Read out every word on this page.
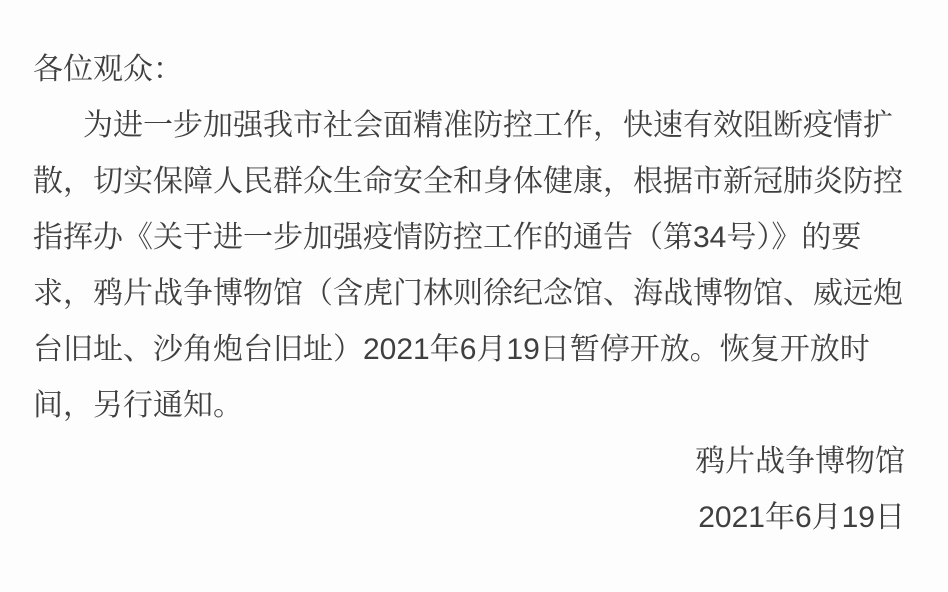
各位观众：

为进一步加强我市社会面精准防控工作，快速有效阻断疫情扩

散，切实保障人民群众生命安全和身体健康，根据市新冠肺炎防控

指挥办《关于进一步加强疫情防控工作的通告（第34号）》的要

求，鸦片战争博物馆（含虎门林则徐纪念馆、海战博物馆、威远炮

台旧址、沙角炮台旧址）2021年6月19日暂停开放。恢复开放时

间，另行通知。

鸦片战争博物馆

2021年6月19日
